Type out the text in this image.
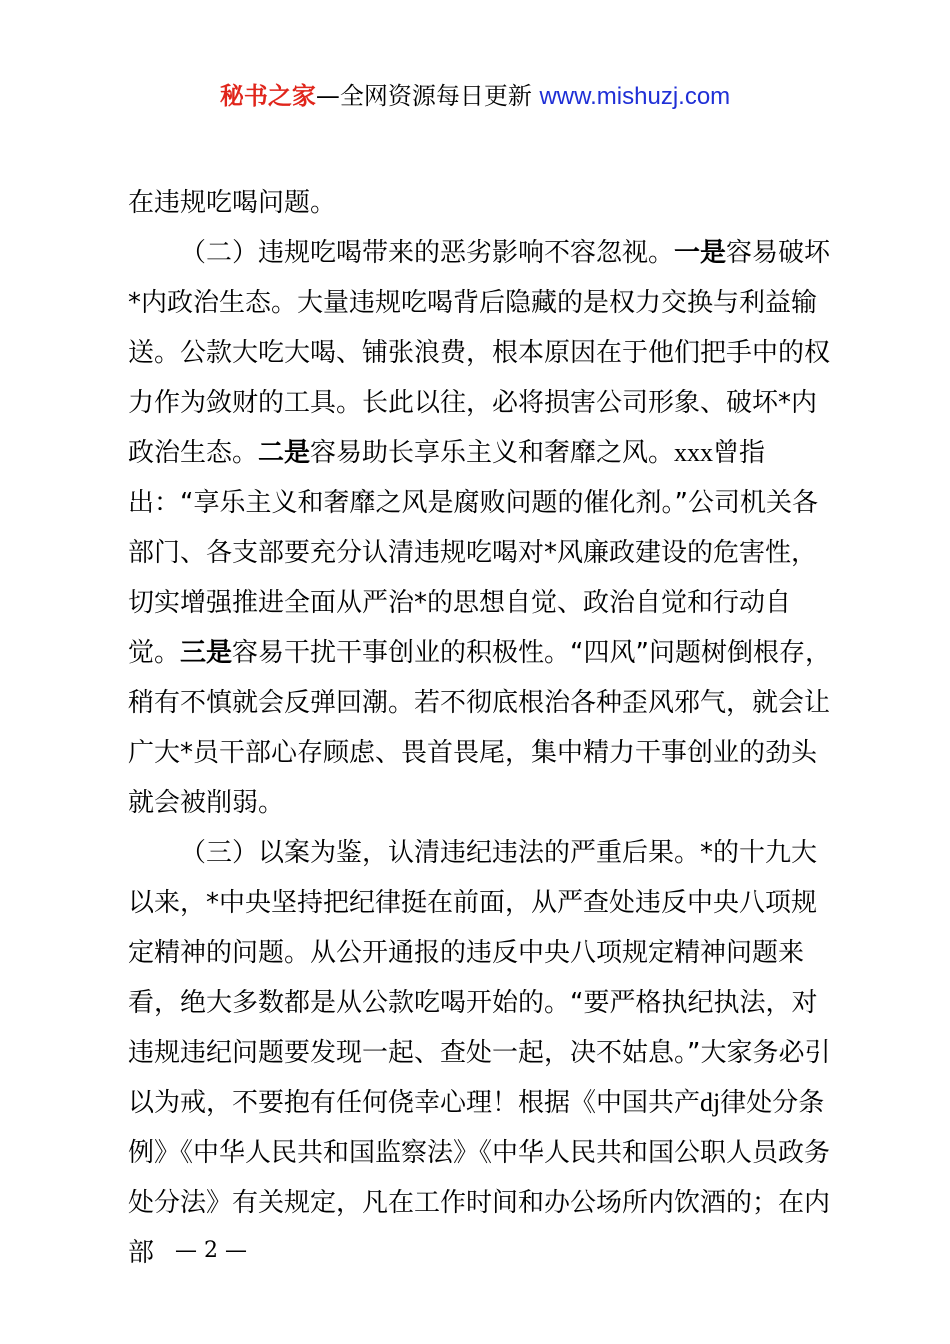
秘书之家—全网资源每日更新 www.mishuzj.com

在违规吃喝问题。

（二）违规吃喝带来的恶劣影响不容忽视。一是容易破坏*内政治生态。大量违规吃喝背后隐藏的是权力交换与利益输送。公款大吃大喝、铺张浪费，根本原因在于他们把手中的权力作为敛财的工具。长此以往，必将损害公司形象、破坏*内政治生态。二是容易助长享乐主义和奢靡之风。xxx曾指出：“享乐主义和奢靡之风是腐败问题的催化剂。”公司机关各部门、各支部要充分认清违规吃喝对*风廉政建设的危害性，切实增强推进全面从严治*的思想自觉、政治自觉和行动自觉。三是容易干扰干事创业的积极性。“四风”问题树倒根存，稍有不慎就会反弹回潮。若不彻底根治各种歪风邪气，就会让广大*员干部心存顾虑、畏首畏尾，集中精力干事创业的劲头就会被削弱。

（三）以案为鉴，认清违纪违法的严重后果。*的十九大以来，*中央坚持把纪律挺在前面，从严查处违反中央八项规定精神的问题。从公开通报的违反中央八项规定精神问题来看，绝大多数都是从公款吃喝开始的。“要严格执纪执法，对违规违纪问题要发现一起、查处一起，决不姑息。”大家务必引以为戒，不要抱有任何侥幸心理！根据《中国共产dj律处分条例》《中华人民共和国监察法》《中华人民共和国公职人员政务处分法》有关规定，凡在工作时间和办公场所内饮酒的；在内部 — 2 —
